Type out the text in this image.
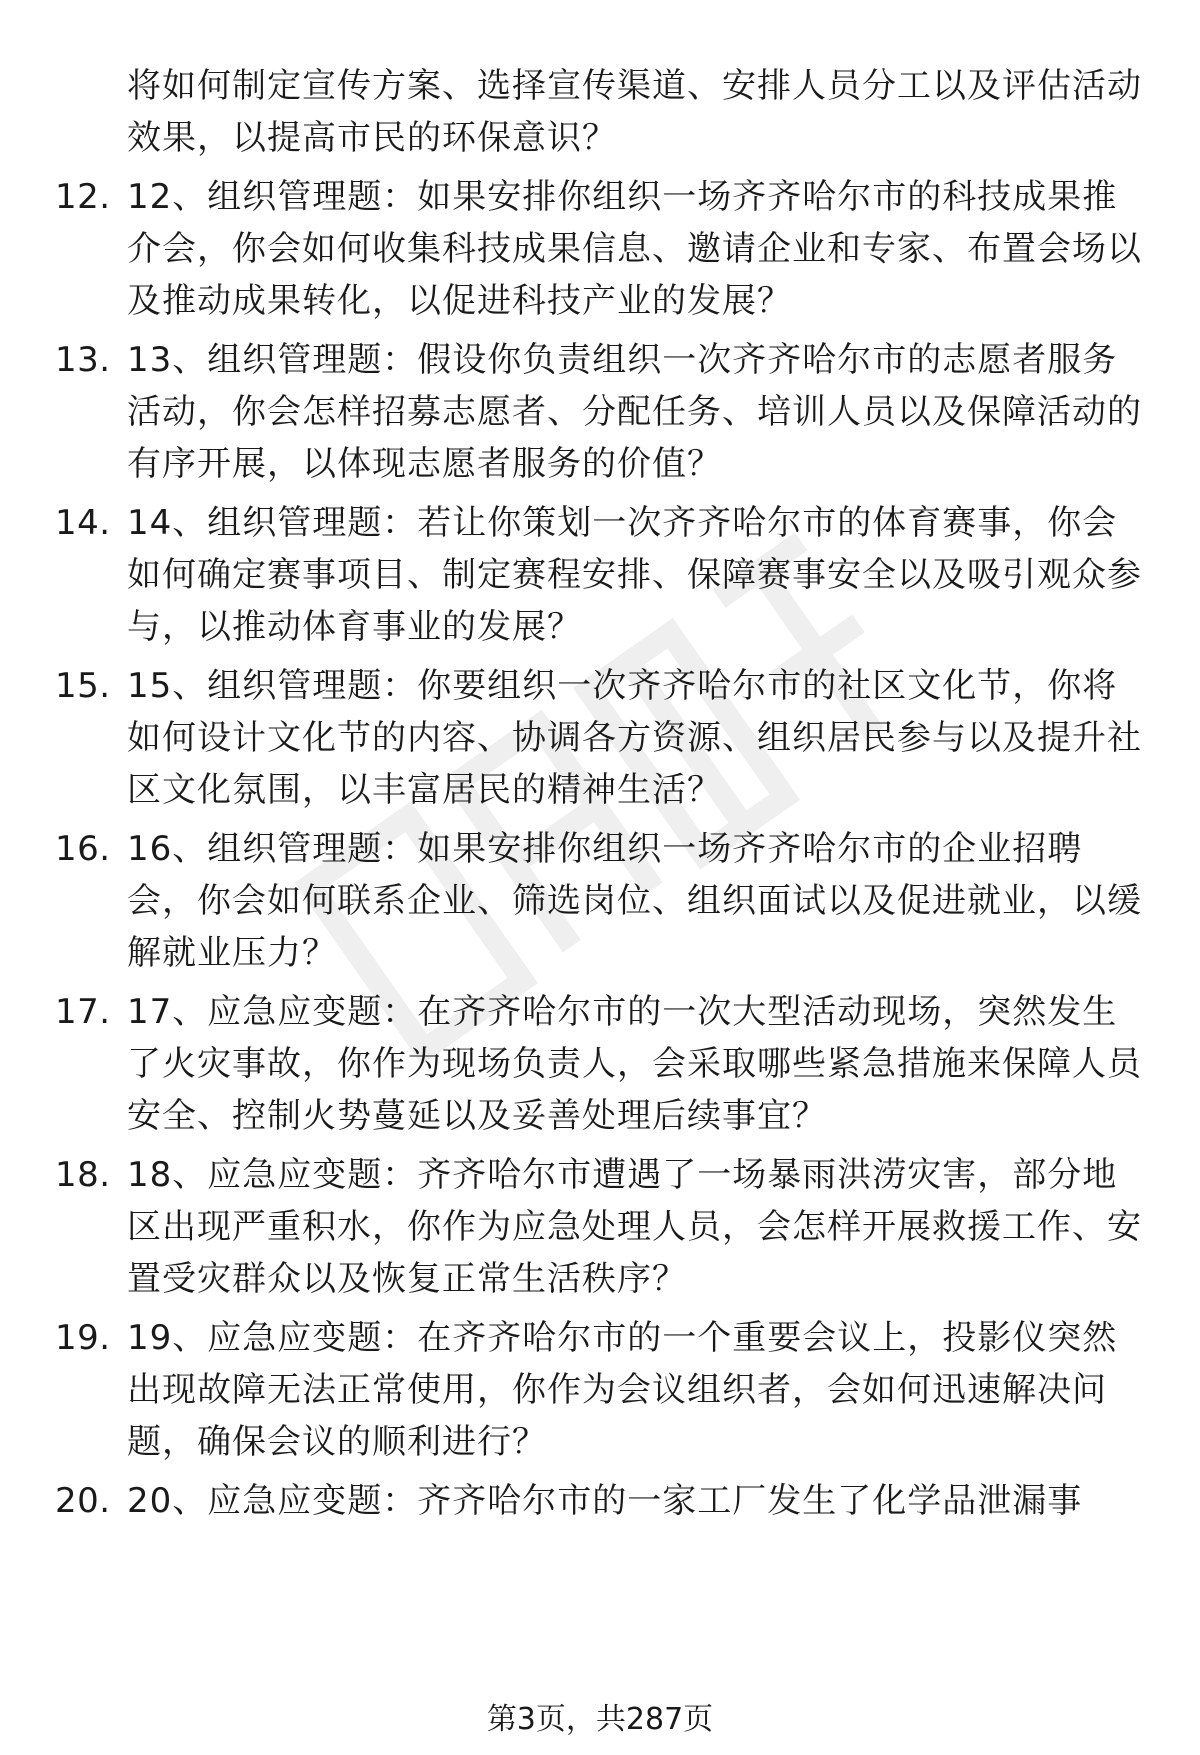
将如何制定宣传方案、选择宣传渠道、安排人员分工以及评估活动效果，以提高市民的环保意识？
12. 12、组织管理题：如果安排你组织一场齐齐哈尔市的科技成果推介会，你会如何收集科技成果信息、邀请企业和专家、布置会场以及推动成果转化，以促进科技产业的发展？
13. 13、组织管理题：假设你负责组织一次齐齐哈尔市的志愿者服务活动，你会怎样招募志愿者、分配任务、培训人员以及保障活动的有序开展，以体现志愿者服务的价值？
14. 14、组织管理题：若让你策划一次齐齐哈尔市的体育赛事，你会如何确定赛事项目、制定赛程安排、保障赛事安全以及吸引观众参与，以推动体育事业的发展？
15. 15、组织管理题：你要组织一次齐齐哈尔市的社区文化节，你将如何设计文化节的内容、协调各方资源、组织居民参与以及提升社区文化氛围，以丰富居民的精神生活？
16. 16、组织管理题：如果安排你组织一场齐齐哈尔市的企业招聘会，你会如何联系企业、筛选岗位、组织面试以及促进就业，以缓解就业压力？
17. 17、应急应变题：在齐齐哈尔市的一次大型活动现场，突然发生了火灾事故，你作为现场负责人，会采取哪些紧急措施来保障人员安全、控制火势蔓延以及妥善处理后续事宜？
18. 18、应急应变题：齐齐哈尔市遭遇了一场暴雨洪涝灾害，部分地区出现严重积水，你作为应急处理人员，会怎样开展救援工作、安置受灾群众以及恢复正常生活秩序？
19. 19、应急应变题：在齐齐哈尔市的一个重要会议上，投影仪突然出现故障无法正常使用，你作为会议组织者，会如何迅速解决问题，确保会议的顺利进行？
20. 20、应急应变题：齐齐哈尔市的一家工厂发生了化学品泄漏事
第3页，共287页
